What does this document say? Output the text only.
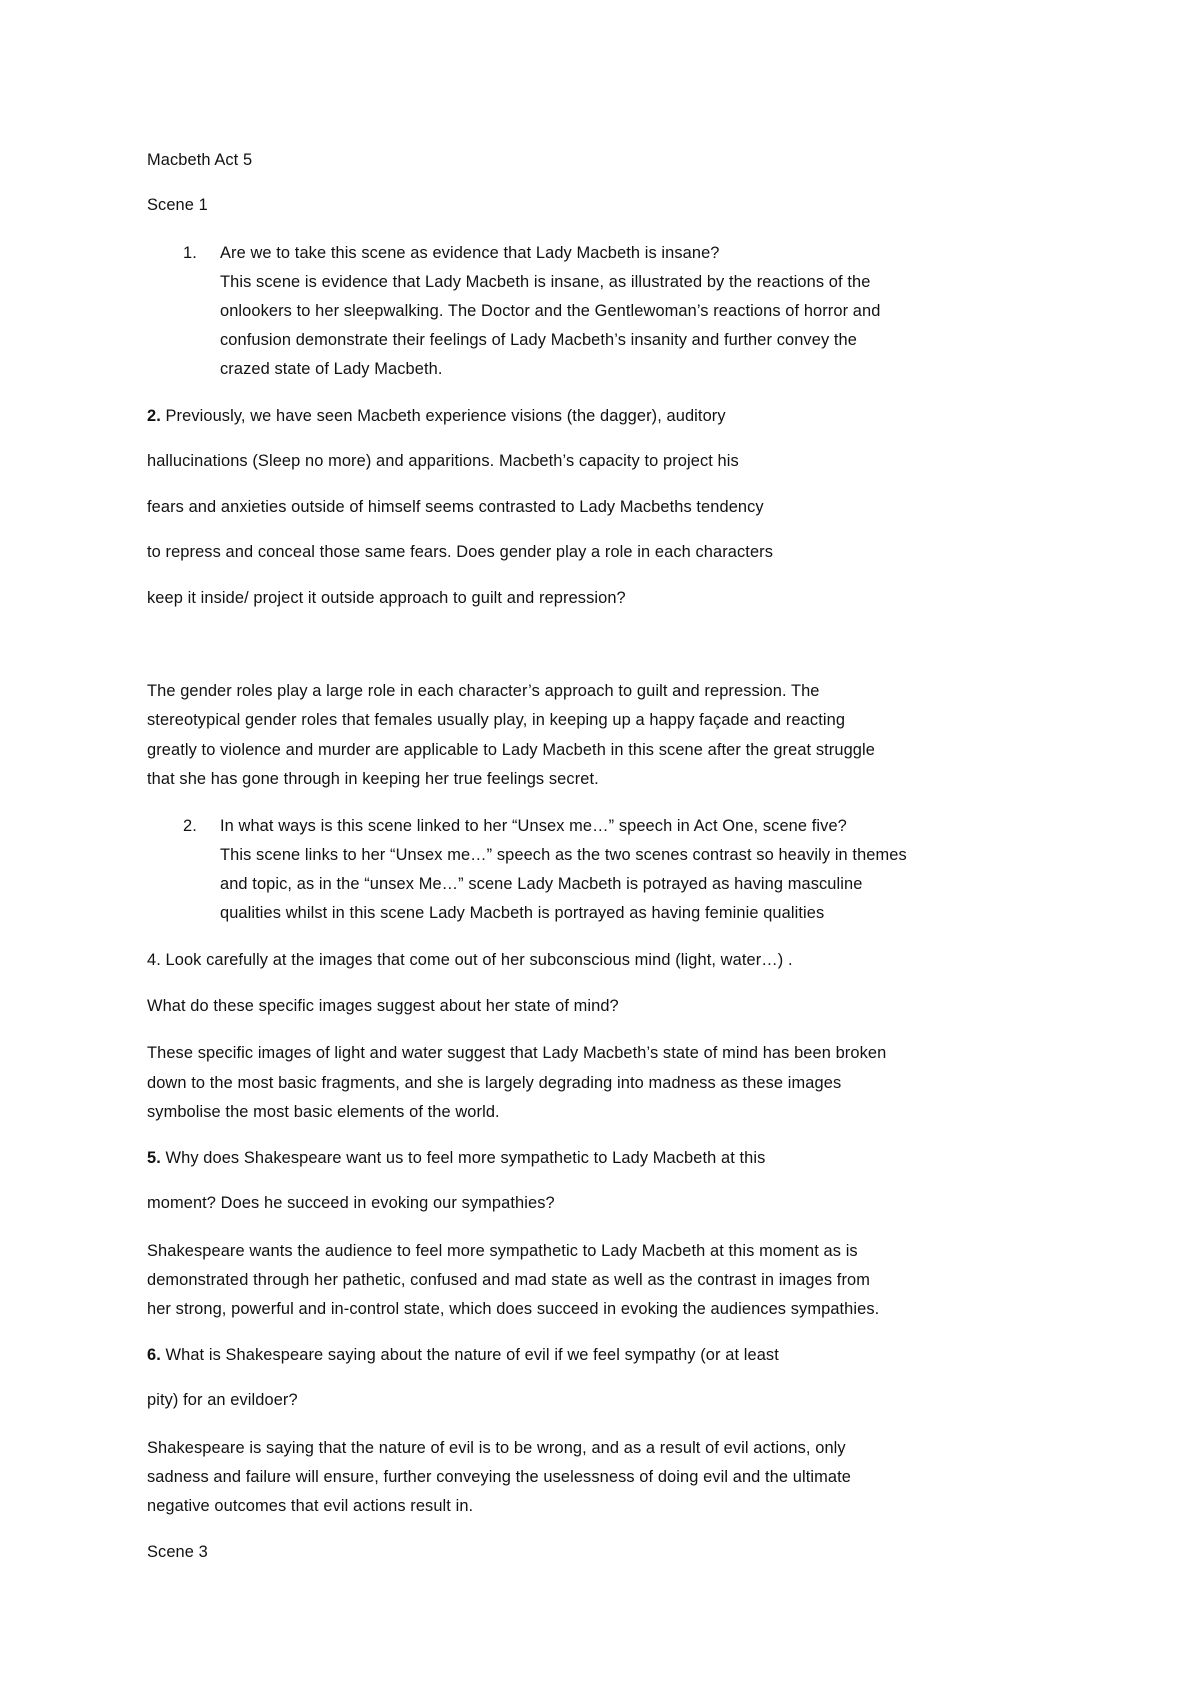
Macbeth Act 5
Scene 1
1. Are we to take this scene as evidence that Lady Macbeth is insane?
This scene is evidence that Lady Macbeth is insane, as illustrated by the reactions of the
onlookers to her sleepwalking. The Doctor and the Gentlewoman’s reactions of horror and
confusion demonstrate their feelings of Lady Macbeth’s insanity and further convey the
crazed state of Lady Macbeth.
2. Previously, we have seen Macbeth experience visions (the dagger), auditory
hallucinations (Sleep no more) and apparitions. Macbeth’s capacity to project his
fears and anxieties outside of himself seems contrasted to Lady Macbeths tendency
to repress and conceal those same fears. Does gender play a role in each characters
keep it inside/ project it outside approach to guilt and repression?
The gender roles play a large role in each character’s approach to guilt and repression. The
stereotypical gender roles that females usually play, in keeping up a happy façade and reacting
greatly to violence and murder are applicable to Lady Macbeth in this scene after the great struggle
that she has gone through in keeping her true feelings secret.
2. In what ways is this scene linked to her “Unsex me…” speech in Act One, scene five?
This scene links to her “Unsex me…” speech as the two scenes contrast so heavily in themes
and topic, as in the “unsex Me…” scene Lady Macbeth is potrayed as having masculine
qualities whilst in this scene Lady Macbeth is portrayed as having feminie qualities
4. Look carefully at the images that come out of her subconscious mind (light, water…) .
What do these specific images suggest about her state of mind?
These specific images of light and water suggest that Lady Macbeth’s state of mind has been broken
down to the most basic fragments, and she is largely degrading into madness as these images
symbolise the most basic elements of the world.
5. Why does Shakespeare want us to feel more sympathetic to Lady Macbeth at this
moment? Does he succeed in evoking our sympathies?
Shakespeare wants the audience to feel more sympathetic to Lady Macbeth at this moment as is
demonstrated through her pathetic, confused and mad state as well as the contrast in images from
her strong, powerful and in-control state, which does succeed in evoking the audiences sympathies.
6. What is Shakespeare saying about the nature of evil if we feel sympathy (or at least
pity) for an evildoer?
Shakespeare is saying that the nature of evil is to be wrong, and as a result of evil actions, only
sadness and failure will ensure, further conveying the uselessness of doing evil and the ultimate
negative outcomes that evil actions result in.
Scene 3
